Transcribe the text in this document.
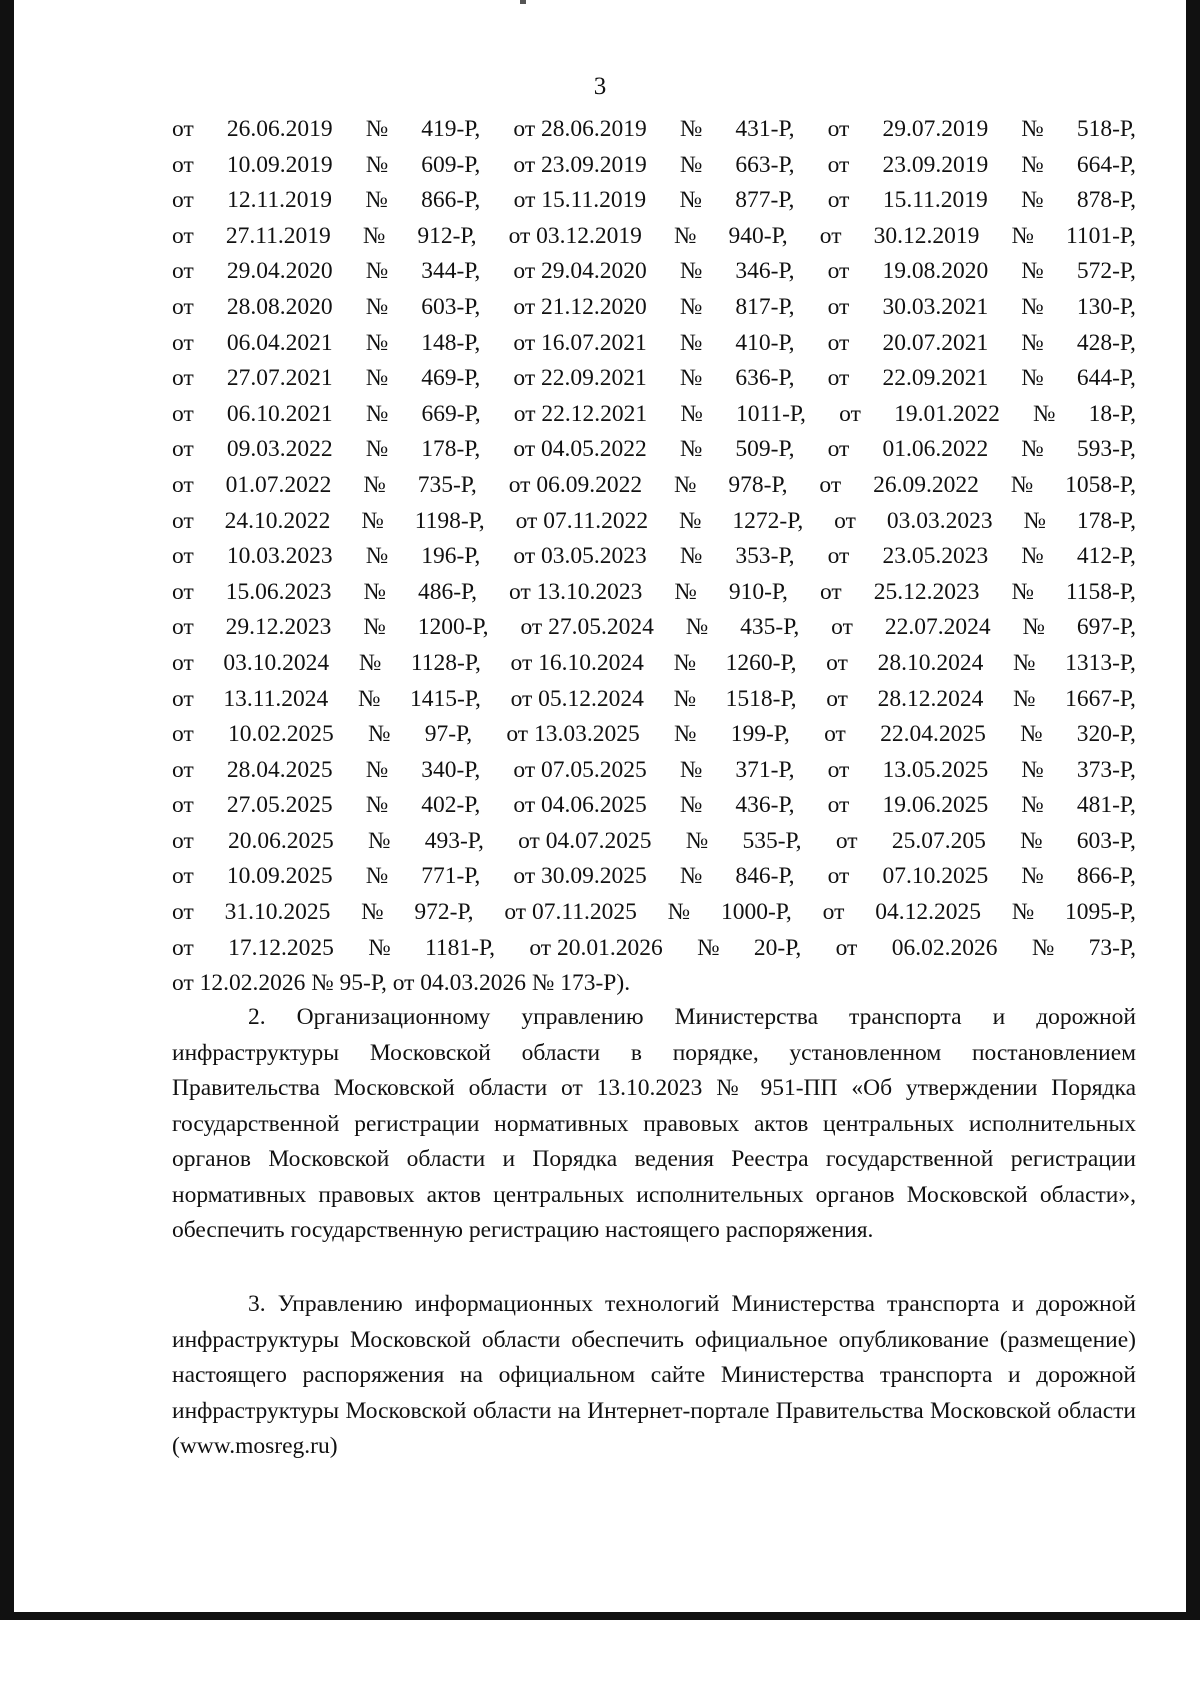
3
от 26.06.2019 № 419-Р, от 28.06.2019 № 431-Р, от 29.07.2019 № 518-Р,
от 10.09.2019 № 609-Р, от 23.09.2019 № 663-Р, от 23.09.2019 № 664-Р,
от 12.11.2019 № 866-Р, от 15.11.2019 № 877-Р, от 15.11.2019 № 878-Р,
от 27.11.2019 № 912-Р, от 03.12.2019 № 940-Р, от 30.12.2019 № 1101-Р,
от 29.04.2020 № 344-Р, от 29.04.2020 № 346-Р, от 19.08.2020 № 572-Р,
от 28.08.2020 № 603-Р, от 21.12.2020 № 817-Р, от 30.03.2021 № 130-Р,
от 06.04.2021 № 148-Р, от 16.07.2021 № 410-Р, от 20.07.2021 № 428-Р,
от 27.07.2021 № 469-Р, от 22.09.2021 № 636-Р, от 22.09.2021 № 644-Р,
от 06.10.2021 № 669-Р, от 22.12.2021 № 1011-Р, от 19.01.2022 № 18-Р,
от 09.03.2022 № 178-Р, от 04.05.2022 № 509-Р, от 01.06.2022 № 593-Р,
от 01.07.2022 № 735-Р, от 06.09.2022 № 978-Р, от 26.09.2022 № 1058-Р,
от 24.10.2022 № 1198-Р, от 07.11.2022 № 1272-Р, от 03.03.2023 № 178-Р,
от 10.03.2023 № 196-Р, от 03.05.2023 № 353-Р, от 23.05.2023 № 412-Р,
от 15.06.2023 № 486-Р, от 13.10.2023 № 910-Р, от 25.12.2023 № 1158-Р,
от 29.12.2023 № 1200-Р, от 27.05.2024 № 435-Р, от 22.07.2024 № 697-Р,
от 03.10.2024 № 1128-Р, от 16.10.2024 № 1260-Р, от 28.10.2024 № 1313-Р,
от 13.11.2024 № 1415-Р, от 05.12.2024 № 1518-Р, от 28.12.2024 № 1667-Р,
от 10.02.2025 № 97-Р, от 13.03.2025 № 199-Р, от 22.04.2025 № 320-Р,
от 28.04.2025 № 340-Р, от 07.05.2025 № 371-Р, от 13.05.2025 № 373-Р,
от 27.05.2025 № 402-Р, от 04.06.2025 № 436-Р, от 19.06.2025 № 481-Р,
от 20.06.2025 № 493-Р, от 04.07.2025 № 535-Р, от 25.07.205 № 603-Р,
от 10.09.2025 № 771-Р, от 30.09.2025 № 846-Р, от 07.10.2025 № 866-Р,
от 31.10.2025 № 972-Р, от 07.11.2025 № 1000-Р, от 04.12.2025 № 1095-Р,
от 17.12.2025 № 1181-Р, от 20.01.2026 № 20-Р, от 06.02.2026 № 73-Р,
от 12.02.2026 № 95-Р, от 04.03.2026 № 173-Р).

2. Организационному управлению Министерства транспорта и дорожной инфраструктуры Московской области в порядке, установленном постановлением Правительства Московской области от 13.10.2023 № 951-ПП «Об утверждении Порядка государственной регистрации нормативных правовых актов центральных исполнительных органов Московской области и Порядка ведения Реестра государственной регистрации нормативных правовых актов центральных исполнительных органов Московской области», обеспечить государственную регистрацию настоящего распоряжения.

3. Управлению информационных технологий Министерства транспорта и дорожной инфраструктуры Московской области обеспечить официальное опубликование (размещение) настоящего распоряжения на официальном сайте Министерства транспорта и дорожной инфраструктуры Московской области на Интернет-портале Правительства Московской области (www.mosreg.ru)
